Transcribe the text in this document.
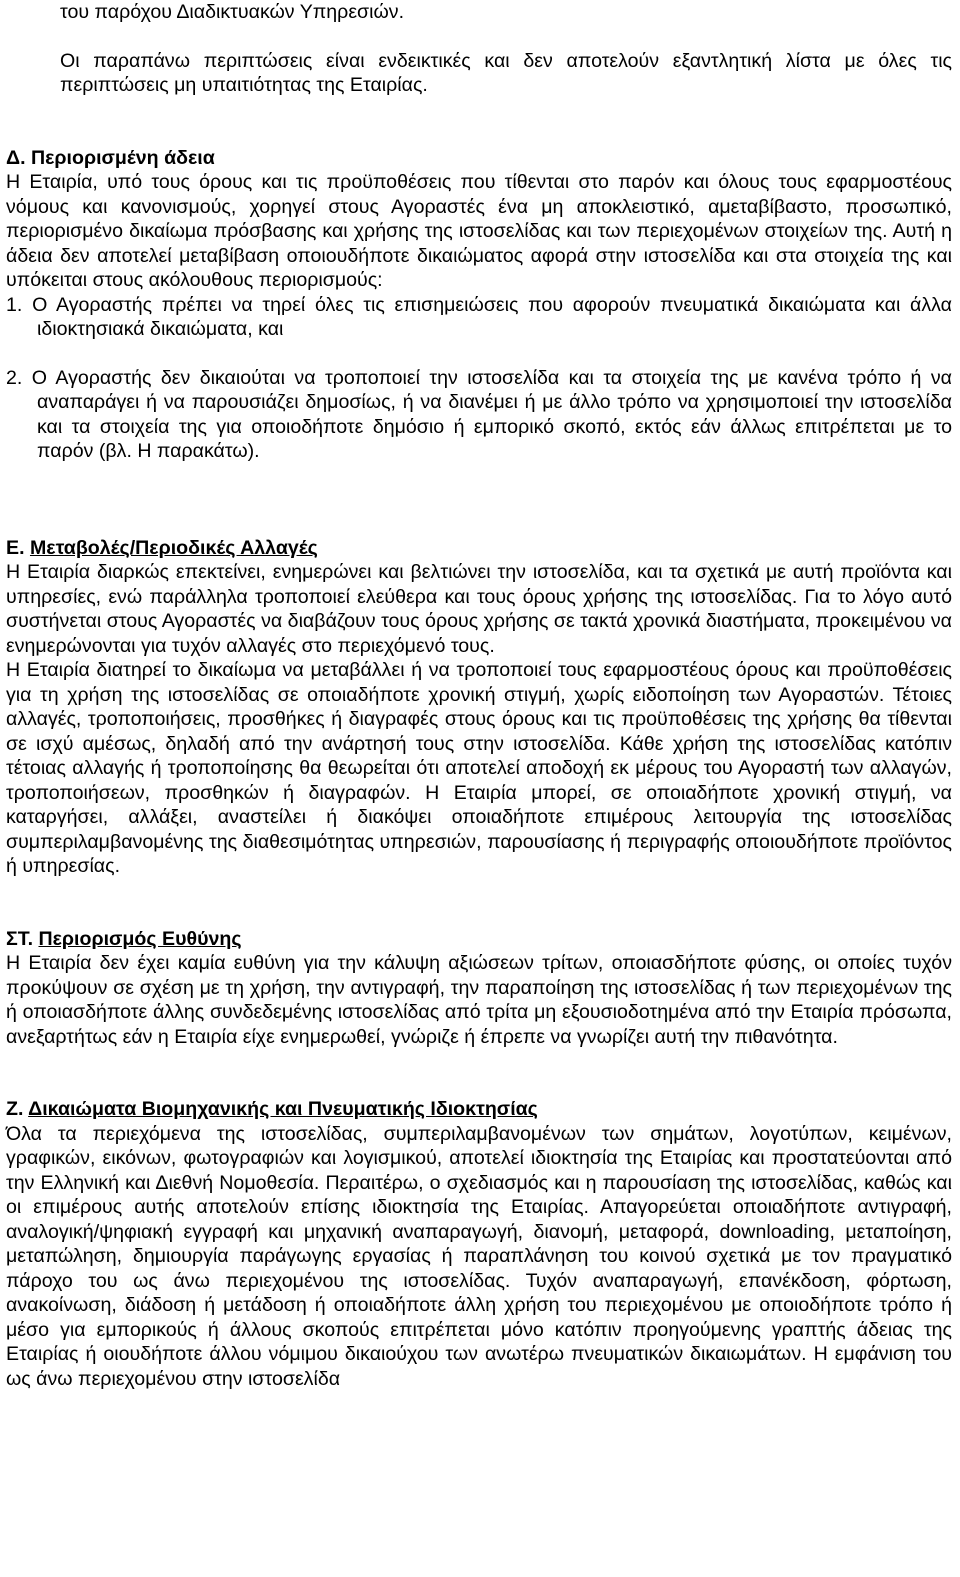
του παρόχου Διαδικτυακών Υπηρεσιών.

Οι παραπάνω περιπτώσεις είναι ενδεικτικές και δεν αποτελούν εξαντλητική λίστα με όλες τις περιπτώσεις μη υπαιτιότητας της Εταιρίας.

Δ. Περιορισμένη άδεια

Η Εταιρία, υπό τους όρους και τις προϋποθέσεις που τίθενται στο παρόν και όλους τους εφαρμοστέους νόμους και κανονισμούς, χορηγεί στους Αγοραστές ένα μη αποκλειστικό, αμεταβίβαστο, προσωπικό, περιορισμένο δικαίωμα πρόσβασης και χρήσης της ιστοσελίδας και των περιεχομένων στοιχείων της. Αυτή η άδεια δεν αποτελεί μεταβίβαση οποιουδήποτε δικαιώματος αφορά στην ιστοσελίδα και στα στοιχεία της και υπόκειται στους ακόλουθους περιορισμούς:

1. Ο Αγοραστής πρέπει να τηρεί όλες τις επισημειώσεις που αφορούν πνευματικά δικαιώματα και άλλα ιδιοκτησιακά δικαιώματα, και

2. Ο Αγοραστής δεν δικαιούται να τροποποιεί την ιστοσελίδα και τα στοιχεία της με κανένα τρόπο ή να αναπαράγει ή να παρουσιάζει δημοσίως, ή να διανέμει ή με άλλο τρόπο να χρησιμοποιεί την ιστοσελίδα και τα στοιχεία της για οποιοδήποτε δημόσιο ή εμπορικό σκοπό, εκτός εάν άλλως επιτρέπεται με το παρόν (βλ. Η παρακάτω).

Ε. Μεταβολές/Περιοδικές Αλλαγές

Η Εταιρία διαρκώς επεκτείνει, ενημερώνει και βελτιώνει την ιστοσελίδα, και τα σχετικά με αυτή προϊόντα και υπηρεσίες, ενώ παράλληλα τροποποιεί ελεύθερα και τους όρους χρήσης της ιστοσελίδας. Για το λόγο αυτό συστήνεται στους Αγοραστές να διαβάζουν τους όρους χρήσης σε τακτά χρονικά διαστήματα, προκειμένου να ενημερώνονται για τυχόν αλλαγές στο περιεχόμενό τους.

Η Εταιρία διατηρεί το δικαίωμα να μεταβάλλει ή να τροποποιεί τους εφαρμοστέους όρους και προϋποθέσεις για τη χρήση της ιστοσελίδας σε οποιαδήποτε χρονική στιγμή, χωρίς ειδοποίηση των Αγοραστών. Τέτοιες αλλαγές, τροποποιήσεις, προσθήκες ή διαγραφές στους όρους και τις προϋποθέσεις της χρήσης θα τίθενται σε ισχύ αμέσως, δηλαδή από την ανάρτησή τους στην ιστοσελίδα. Κάθε χρήση της ιστοσελίδας κατόπιν τέτοιας αλλαγής ή τροποποίησης θα θεωρείται ότι αποτελεί αποδοχή εκ μέρους του Αγοραστή των αλλαγών, τροποποιήσεων, προσθηκών ή διαγραφών. Η Εταιρία μπορεί, σε οποιαδήποτε χρονική στιγμή, να καταργήσει, αλλάξει, αναστείλει ή διακόψει οποιαδήποτε επιμέρους λειτουργία της ιστοσελίδας συμπεριλαμβανομένης της διαθεσιμότητας υπηρεσιών, παρουσίασης ή περιγραφής οποιουδήποτε προϊόντος ή υπηρεσίας.

ΣΤ. Περιορισμός Ευθύνης

Η Εταιρία δεν έχει καμία ευθύνη για την κάλυψη αξιώσεων τρίτων, οποιασδήποτε φύσης, οι οποίες τυχόν προκύψουν σε σχέση με τη χρήση, την αντιγραφή, την παραποίηση της ιστοσελίδας ή των περιεχομένων της ή οποιασδήποτε άλλης συνδεδεμένης ιστοσελίδας από τρίτα μη εξουσιοδοτημένα από την Εταιρία πρόσωπα, ανεξαρτήτως εάν η Εταιρία είχε ενημερωθεί, γνώριζε ή έπρεπε να γνωρίζει αυτή την πιθανότητα.

Ζ. Δικαιώματα Βιομηχανικής και Πνευματικής Ιδιοκτησίας

Όλα τα περιεχόμενα της ιστοσελίδας, συμπεριλαμβανομένων των σημάτων, λογοτύπων, κειμένων, γραφικών, εικόνων, φωτογραφιών και λογισμικού, αποτελεί ιδιοκτησία της Εταιρίας και προστατεύονται από την Ελληνική και Διεθνή Νομοθεσία. Περαιτέρω, ο σχεδιασμός και η παρουσίαση της ιστοσελίδας, καθώς και οι επιμέρους αυτής αποτελούν επίσης ιδιοκτησία της Εταιρίας. Απαγορεύεται οποιαδήποτε αντιγραφή, αναλογική/ψηφιακή εγγραφή και μηχανική αναπαραγωγή, διανομή, μεταφορά, downloading, μεταποίηση, μεταπώληση, δημιουργία παράγωγης εργασίας ή παραπλάνηση του κοινού σχετικά με τον πραγματικό πάροχο του ως άνω περιεχομένου της ιστοσελίδας. Τυχόν αναπαραγωγή, επανέκδοση, φόρτωση, ανακοίνωση, διάδοση ή μετάδοση ή οποιαδήποτε άλλη χρήση του περιεχομένου με οποιοδήποτε τρόπο ή μέσο για εμπορικούς ή άλλους σκοπούς επιτρέπεται μόνο κατόπιν προηγούμενης γραπτής άδειας της Εταιρίας ή οιουδήποτε άλλου νόμιμου δικαιούχου των ανωτέρω πνευματικών δικαιωμάτων. Η εμφάνιση του ως άνω περιεχομένου στην ιστοσελίδα
